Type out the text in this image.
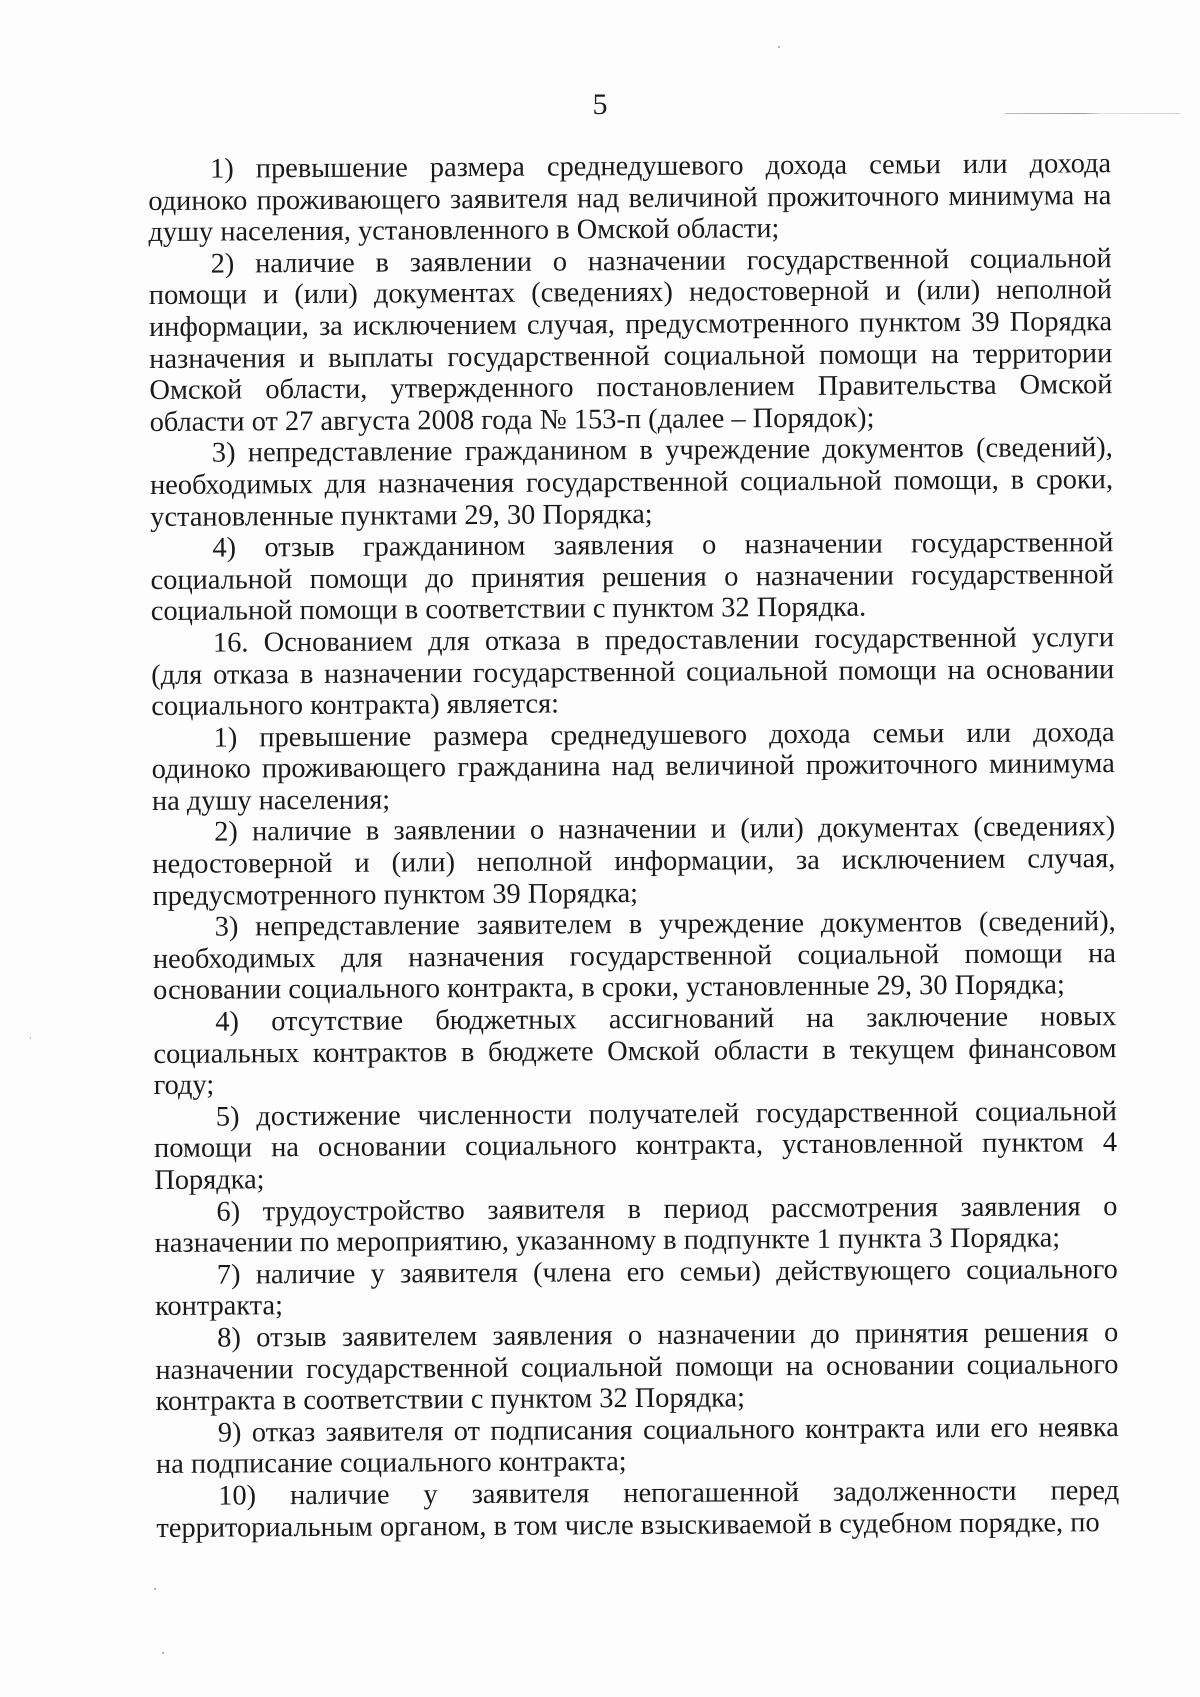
5

1) превышение размера среднедушевого дохода семьи или дохода одиноко проживающего заявителя над величиной прожиточного минимума на душу населения, установленного в Омской области;

2) наличие в заявлении о назначении государственной социальной помощи и (или) документах (сведениях) недостоверной и (или) неполной информации, за исключением случая, предусмотренного пунктом 39 Порядка назначения и выплаты государственной социальной помощи на территории Омской области, утвержденного постановлением Правительства Омской области от 27 августа 2008 года № 153-п (далее – Порядок);

3) непредставление гражданином в учреждение документов (сведений), необходимых для назначения государственной социальной помощи, в сроки, установленные пунктами 29, 30 Порядка;

4) отзыв гражданином заявления о назначении государственной социальной помощи до принятия решения о назначении государственной социальной помощи в соответствии с пунктом 32 Порядка.

16. Основанием для отказа в предоставлении государственной услуги (для отказа в назначении государственной социальной помощи на основании социального контракта) является:

1) превышение размера среднедушевого дохода семьи или дохода одиноко проживающего гражданина над величиной прожиточного минимума на душу населения;

2) наличие в заявлении о назначении и (или) документах (сведениях) недостоверной и (или) неполной информации, за исключением случая, предусмотренного пунктом 39 Порядка;

3) непредставление заявителем в учреждение документов (сведений), необходимых для назначения государственной социальной помощи на основании социального контракта, в сроки, установленные 29, 30 Порядка;

4) отсутствие бюджетных ассигнований на заключение новых социальных контрактов в бюджете Омской области в текущем финансовом году;

5) достижение численности получателей государственной социальной помощи на основании социального контракта, установленной пунктом 4 Порядка;

6) трудоустройство заявителя в период рассмотрения заявления о назначении по мероприятию, указанному в подпункте 1 пункта 3 Порядка;

7) наличие у заявителя (члена его семьи) действующего социального контракта;

8) отзыв заявителем заявления о назначении до принятия решения о назначении государственной социальной помощи на основании социального контракта в соответствии с пунктом 32 Порядка;

9) отказ заявителя от подписания социального контракта или его неявка на подписание социального контракта;

10) наличие у заявителя непогашенной задолженности перед территориальным органом, в том числе взыскиваемой в судебном порядке, по
